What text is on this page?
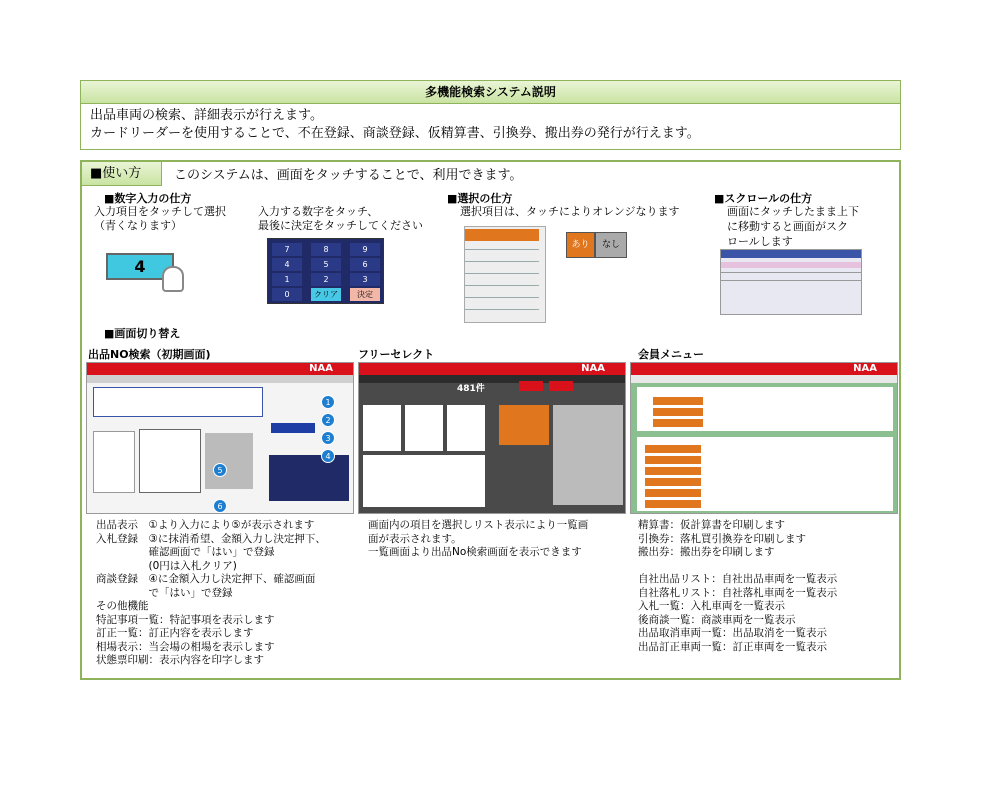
多機能検索システム説明
出品車両の検索、詳細表示が行えます。
カードリーダーを使用することで、不在登録、商談登録、仮精算書、引換券、搬出券の発行が行えます。
■使い方	このシステムは、画面をタッチすることで、利用できます。
■数字入力の仕方
入力項目をタッチして選択
（青くなります）
4
入力する数字をタッチ、
最後に決定をタッチしてください
7	8	9
4	5	6
1	2	3
0	クリア	決定
■選択の仕方
選択項目は、タッチによりオレンジなります
あり	なし
■スクロールの仕方
画面にタッチしたまま上下
に移動すると画面がスク
ロールします
■画面切り替え
出品NO検索（初期画面)	フリーセレクト	会員メニュー
NAA
1
2
3
4
5
6
NAA
481件
NAA
出品表示　①より入力により⑤が表示されます
入札登録　③に抹消希望、金額入力し決定押下、
　　　　　確認画面で「はい」で登録
　　　　　(0円は入札クリア)
商談登録　④に金額入力し決定押下、確認画面
　　　　　で「はい」で登録
その他機能
特記事項一覧：特記事項を表示します
訂正一覧：訂正内容を表示します
相場表示：当会場の相場を表示します
状態票印刷：表示内容を印字します
画面内の項目を選択しリスト表示により一覧画
面が表示されます。
一覧画面より出品No検索画面を表示できます
精算書：仮計算書を印刷します
引換券：落札買引換券を印刷します
搬出券：搬出券を印刷します
自社出品リスト：自社出品車両を一覧表示
自社落札リスト：自社落札車両を一覧表示
入札一覧：入札車両を一覧表示
後商談一覧：商談車両を一覧表示
出品取消車両一覧：出品取消を一覧表示
出品訂正車両一覧：訂正車両を一覧表示
